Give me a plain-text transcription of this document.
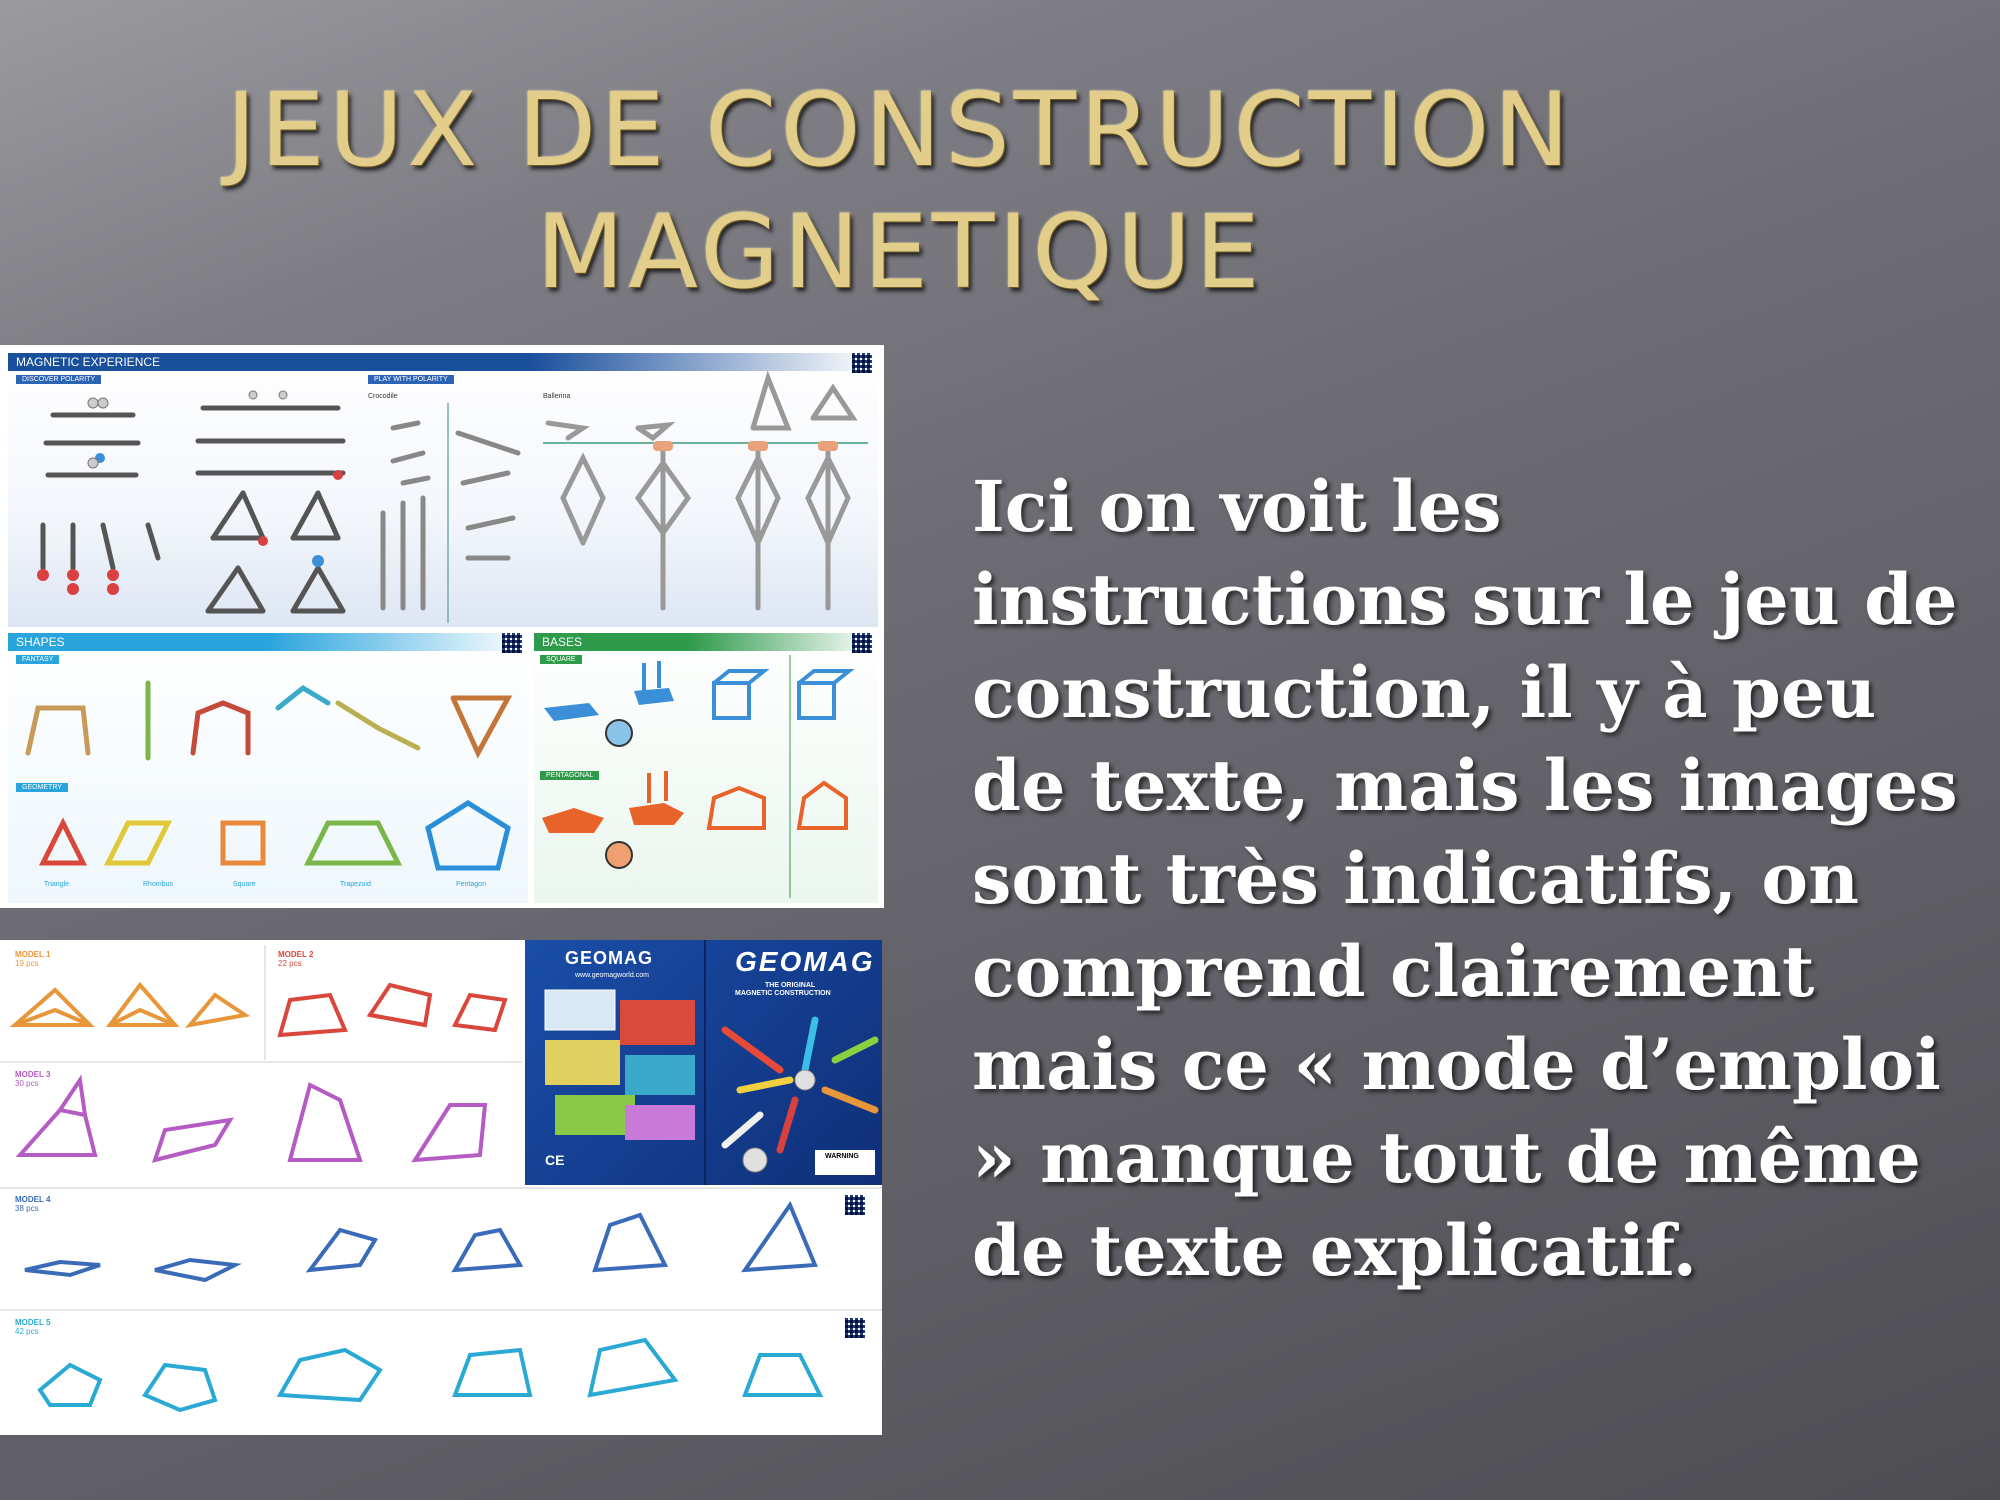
JEUX DE CONSTRUCTION
MAGNETIQUE
MAGNETIC EXPERIENCE
DISCOVER POLARITY	PLAY WITH POLARITY
Crocodile	Ballerina
SHAPES
FANTASY
GEOMETRY
Triangle	Rhombus	Square	Trapezoid	Pentagon
BASES
SQUARE
PENTAGONAL
MODEL 1
19 pcs
MODEL 2
22 pcs
MODEL 3
30 pcs
MODEL 4
38 pcs
MODEL 5
42 pcs
GEOMAG
www.geomagworld.com	GEOMAG
THE ORIGINAL
MAGNETIC CONSTRUCTION
CE	WARNING
Ici on voit les instructions sur le jeu de construction, il y à peu de texte, mais les images sont très indicatifs, on comprend clairement mais ce « mode d’emploi » manque tout de même de texte explicatif.
